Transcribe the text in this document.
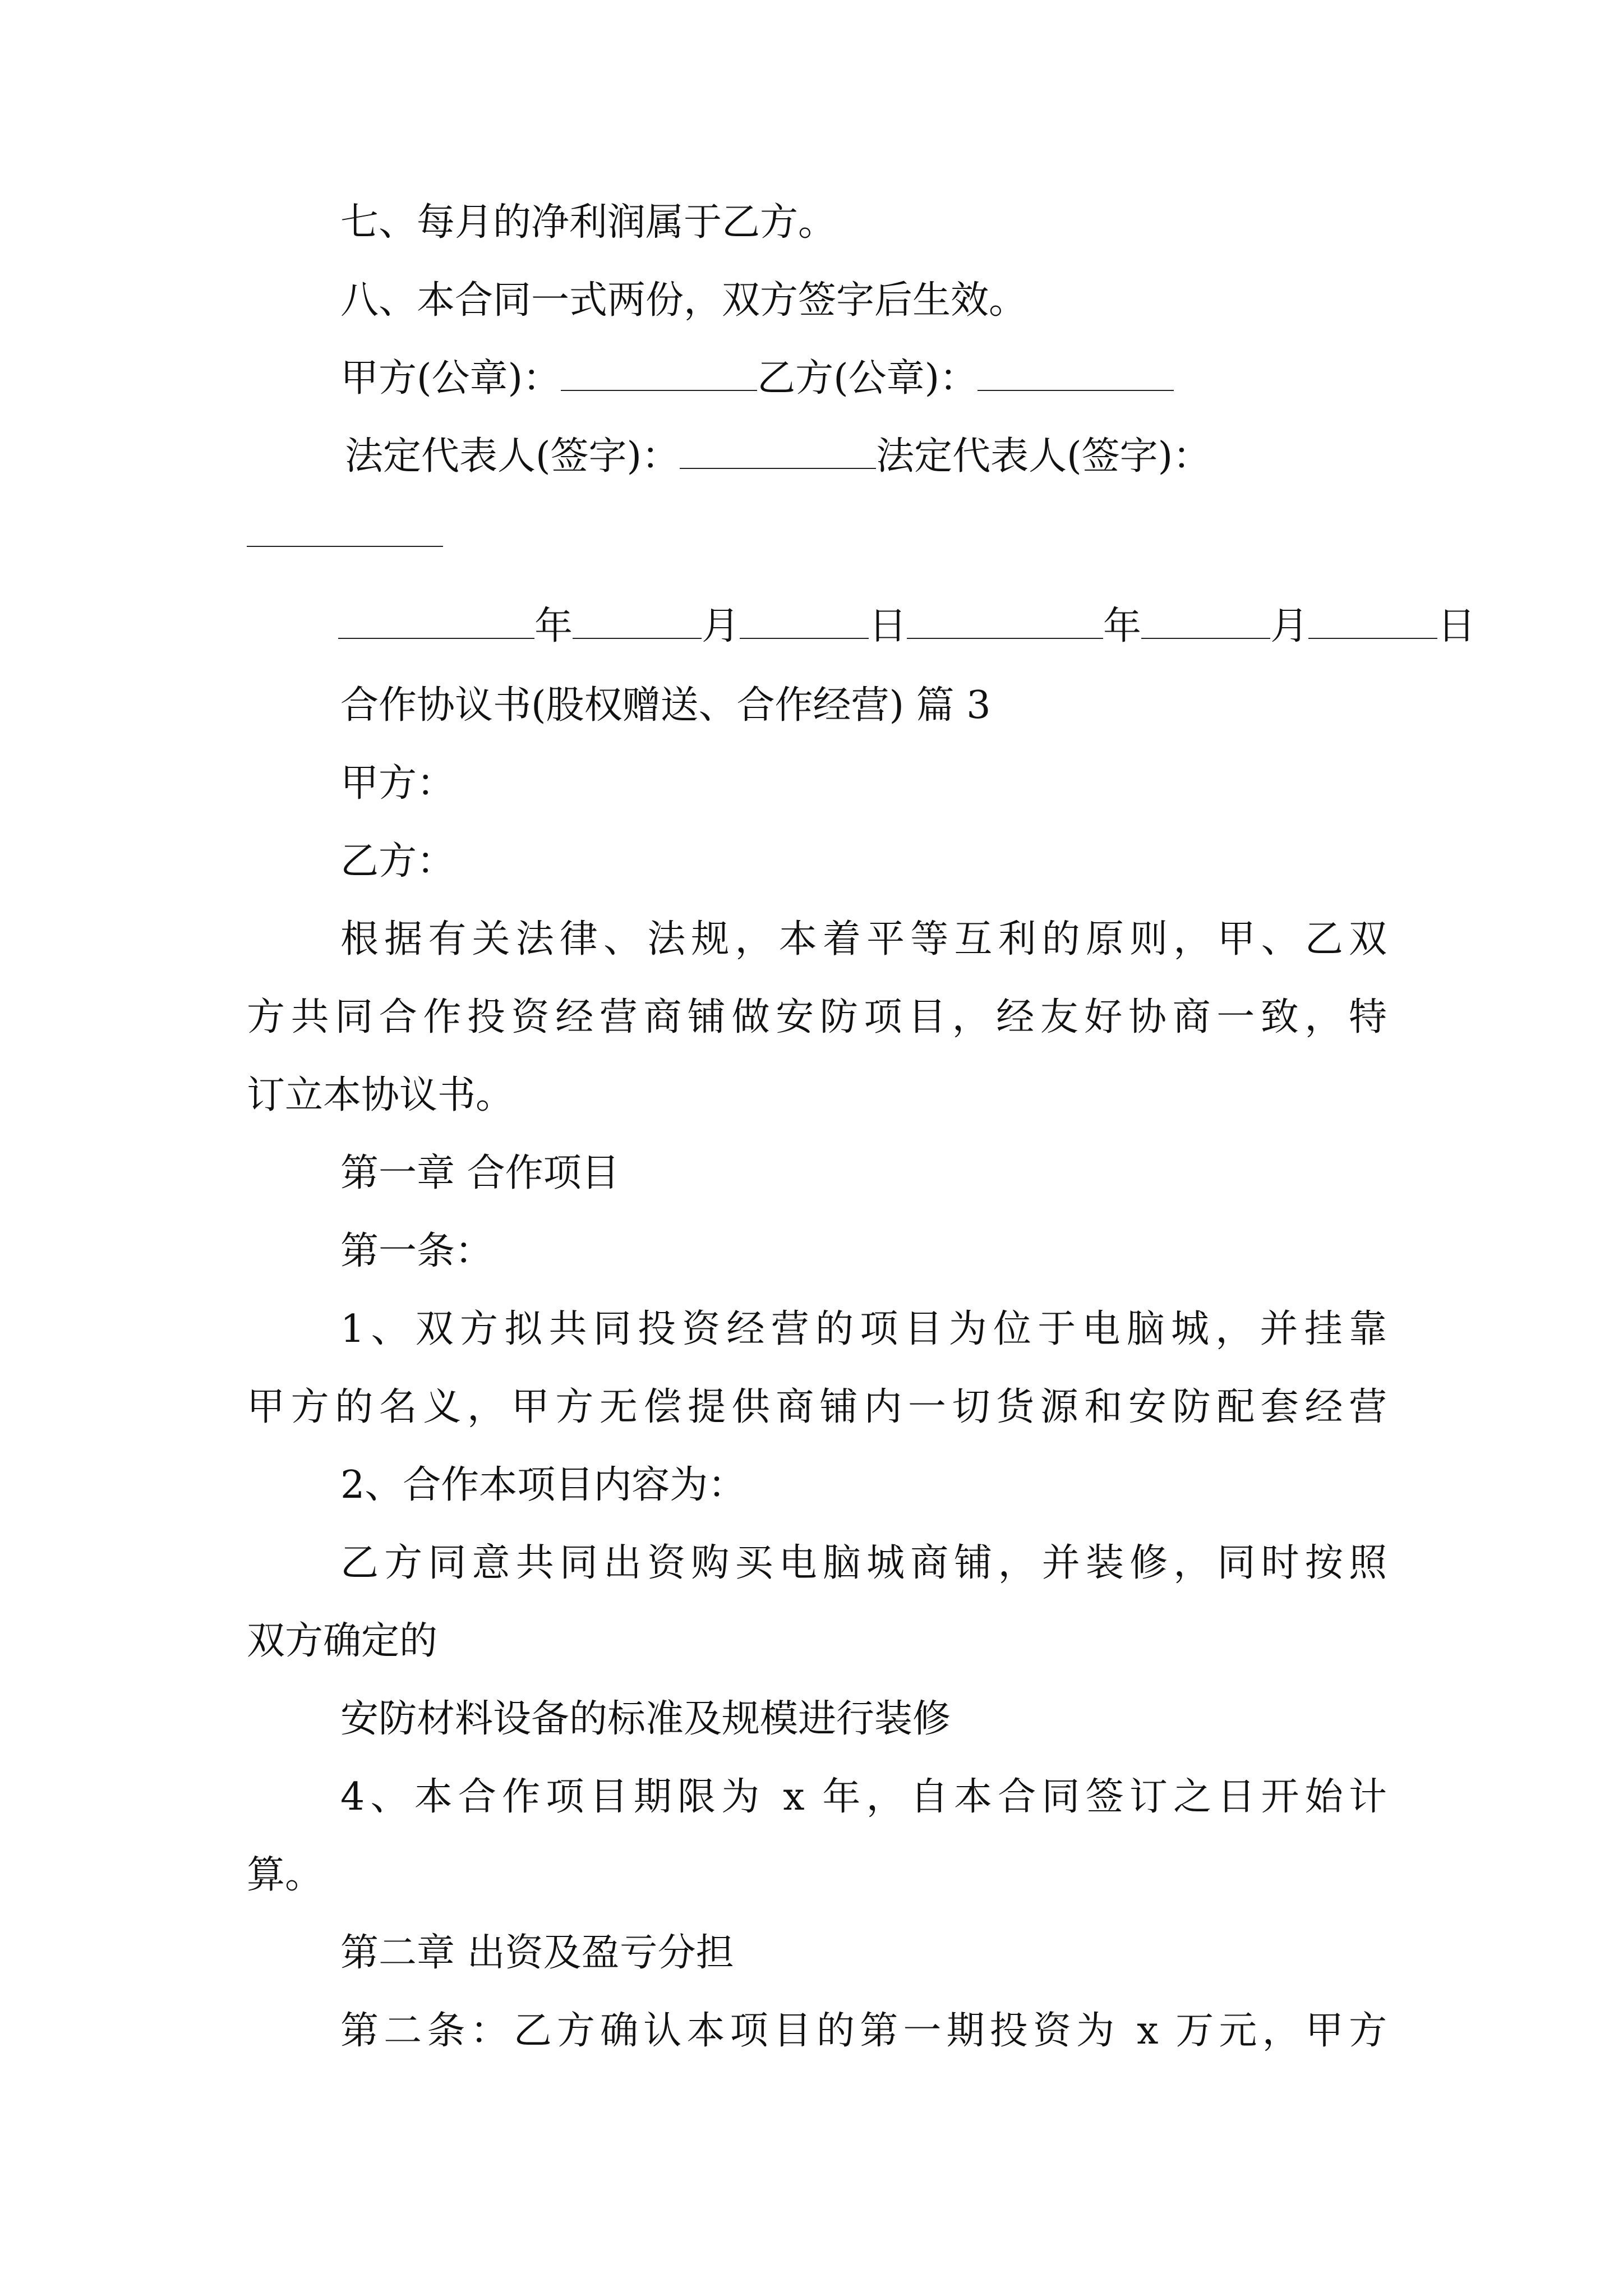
七、每月的净利润属于乙方。
八、本合同一式两份，双方签字后生效。
甲方(公章)：	乙方(公章)：
法定代表人(签字)：	法定代表人(签字)：
年	月	日	年	月	日
合作协议书(股权赠送、合作经营) 篇 3
甲方：
乙方：
根据有关法律、法规，本着平等互利的原则，甲、乙双
方共同合作投资经营商铺做安防项目，经友好协商一致，特
订立本协议书。
第一章 合作项目
第一条：
1、双方拟共同投资经营的项目为位于电脑城，并挂靠
甲方的名义，甲方无偿提供商铺内一切货源和安防配套经营
2、合作本项目内容为：
乙方同意共同出资购买电脑城商铺，并装修，同时按照
双方确定的
安防材料设备的标准及规模进行装修
4、本合作项目期限为 x 年，自本合同签订之日开始计
算。
第二章 出资及盈亏分担
第二条：乙方确认本项目的第一期投资为 x 万元，甲方
